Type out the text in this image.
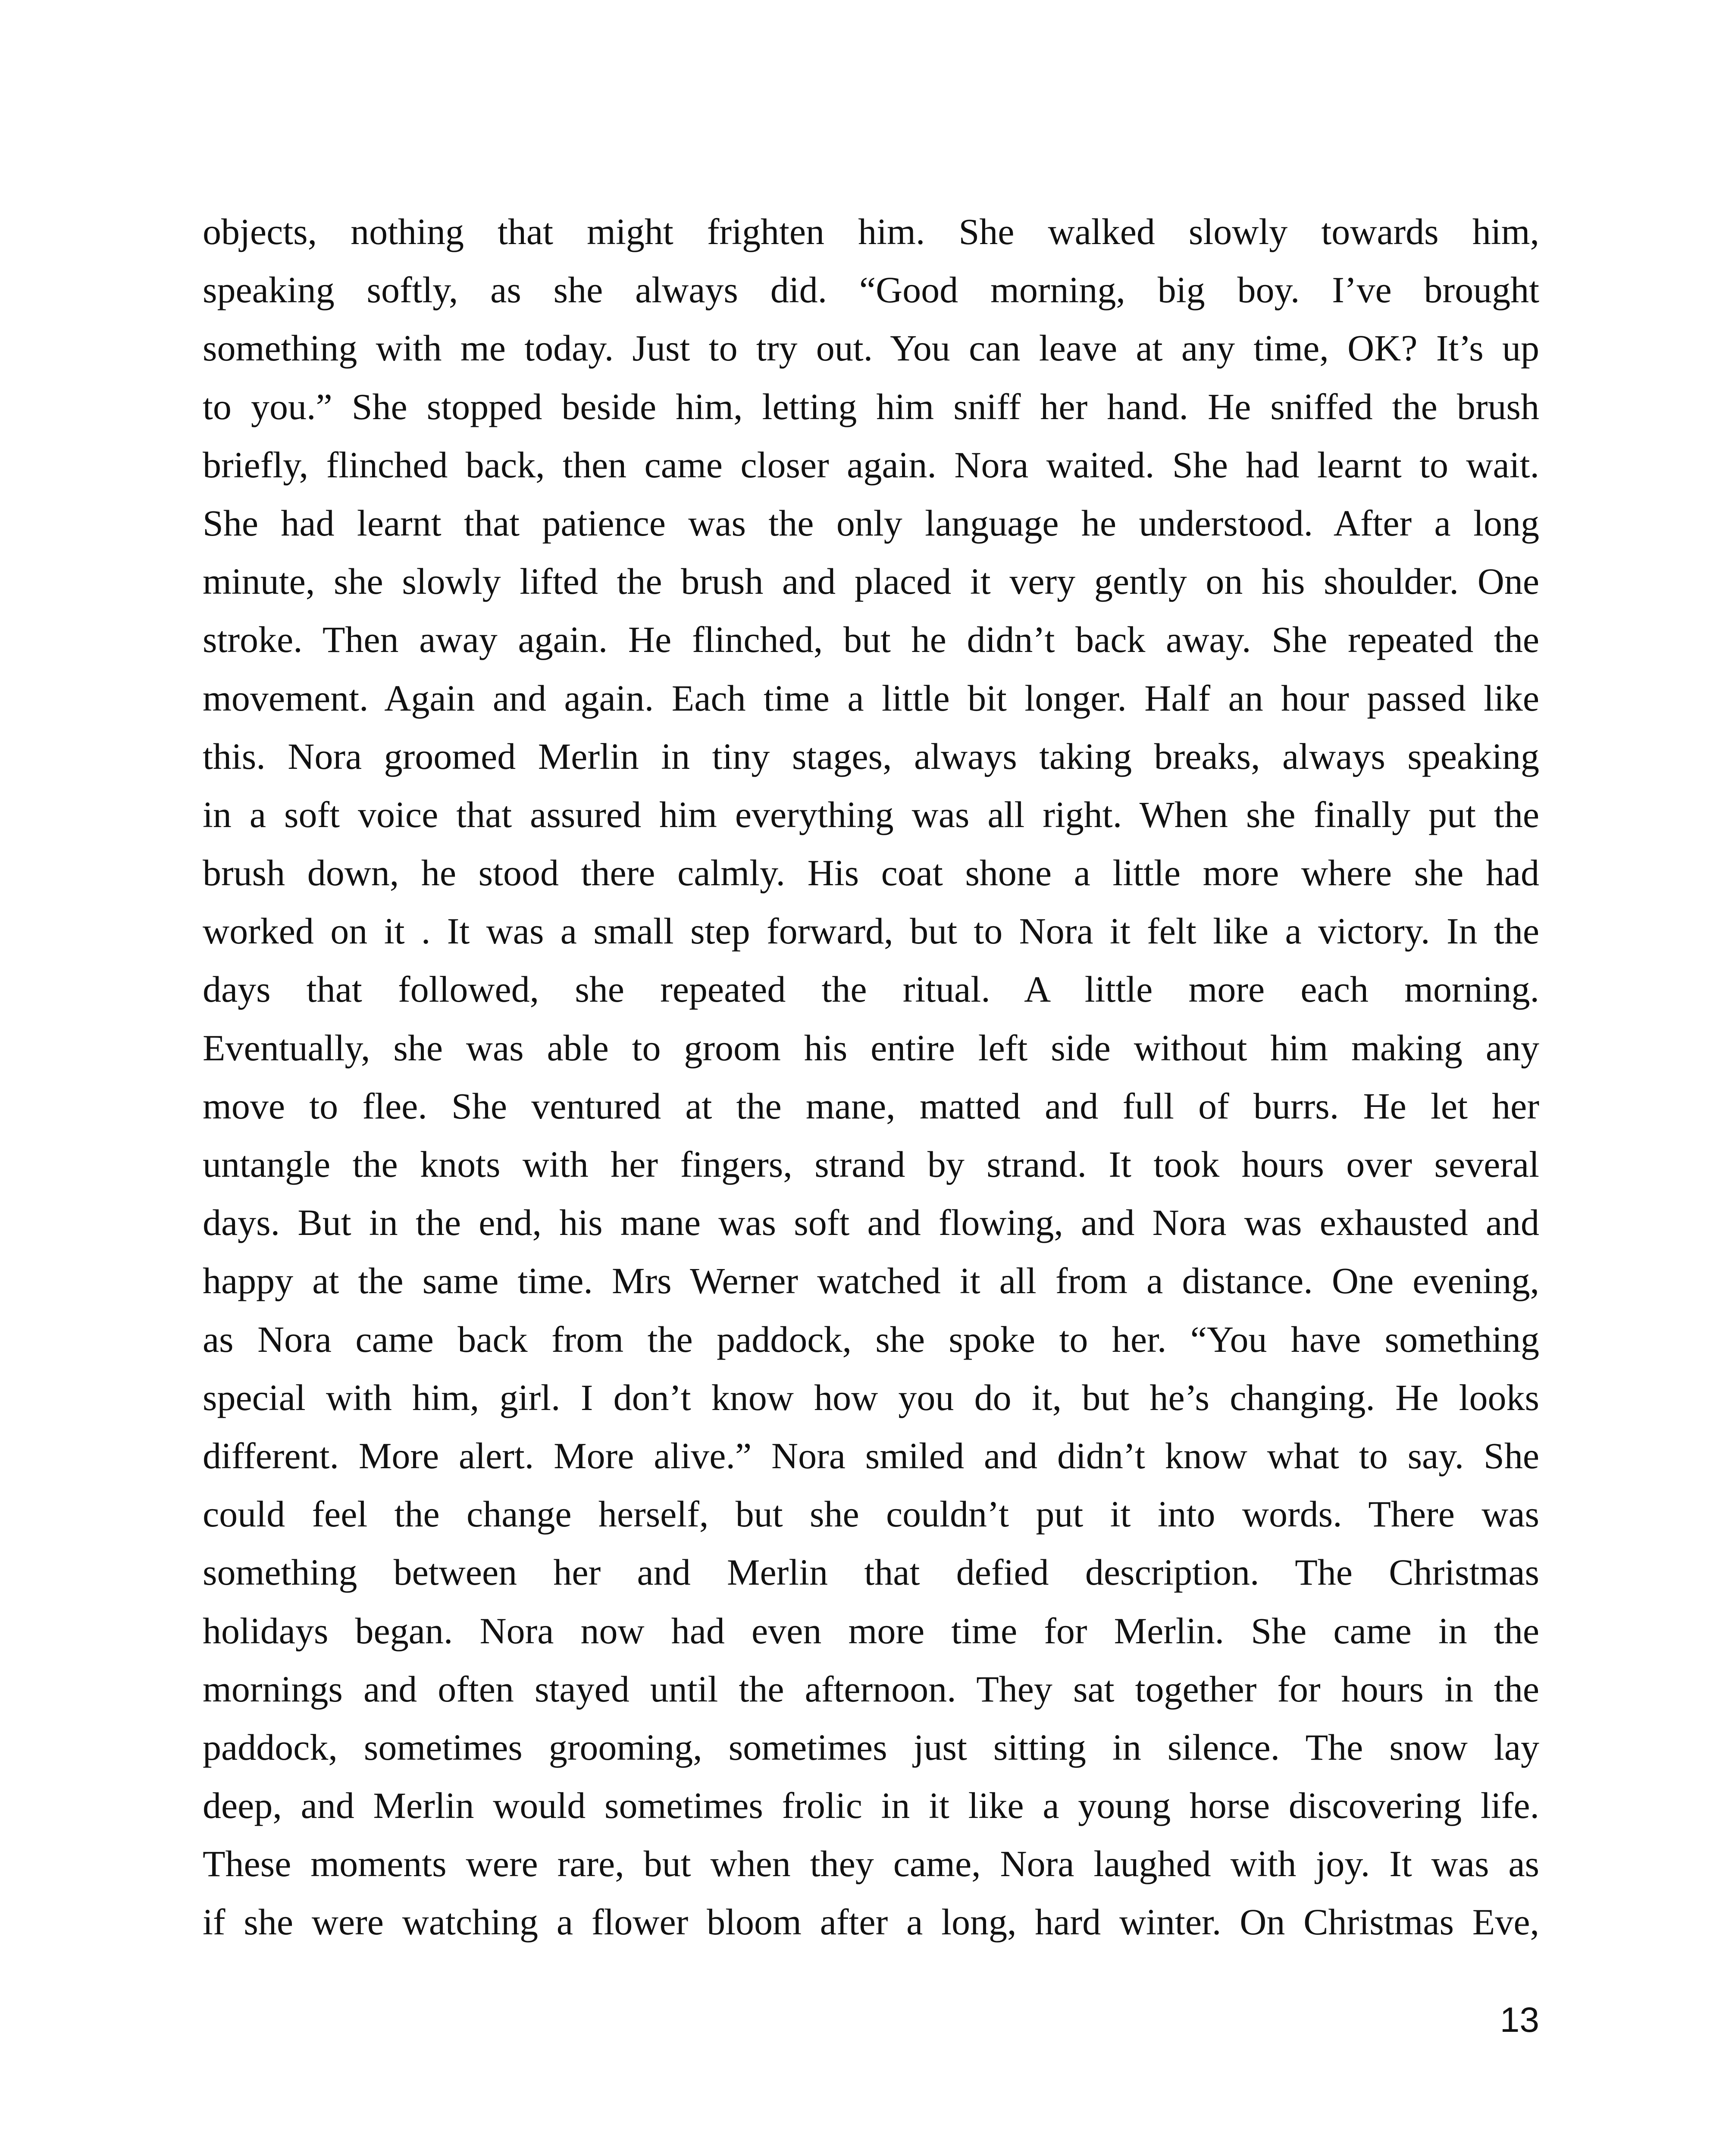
objects, nothing that might frighten him. She walked slowly towards him,
speaking softly, as she always did. “Good morning, big boy. I’ve brought
something with me today. Just to try out. You can leave at any time, OK? It’s up
to you.” She stopped beside him, letting him sniff her hand. He sniffed the brush
briefly, flinched back, then came closer again. Nora waited. She had learnt to wait.
She had learnt that patience was the only language he understood. After a long
minute, she slowly lifted the brush and placed it very gently on his shoulder. One
stroke. Then away again. He flinched, but he didn’t back away. She repeated the
movement. Again and again. Each time a little bit longer. Half an hour passed like
this. Nora groomed Merlin in tiny stages, always taking breaks, always speaking
in a soft voice that assured him everything was all right. When she finally put the
brush down, he stood there calmly. His coat shone a little more where she had
worked on it . It was a small step forward, but to Nora it felt like a victory. In the
days that followed, she repeated the ritual. A little more each morning.
Eventually, she was able to groom his entire left side without him making any
move to flee. She ventured at the mane, matted and full of burrs. He let her
untangle the knots with her fingers, strand by strand. It took hours over several
days. But in the end, his mane was soft and flowing, and Nora was exhausted and
happy at the same time. Mrs Werner watched it all from a distance. One evening,
as Nora came back from the paddock, she spoke to her. “You have something
special with him, girl. I don’t know how you do it, but he’s changing. He looks
different. More alert. More alive.” Nora smiled and didn’t know what to say. She
could feel the change herself, but she couldn’t put it into words. There was
something between her and Merlin that defied description. The Christmas
holidays began. Nora now had even more time for Merlin. She came in the
mornings and often stayed until the afternoon. They sat together for hours in the
paddock, sometimes grooming, sometimes just sitting in silence. The snow lay
deep, and Merlin would sometimes frolic in it like a young horse discovering life.
These moments were rare, but when they came, Nora laughed with joy. It was as
if she were watching a flower bloom after a long, hard winter. On Christmas Eve,
13
